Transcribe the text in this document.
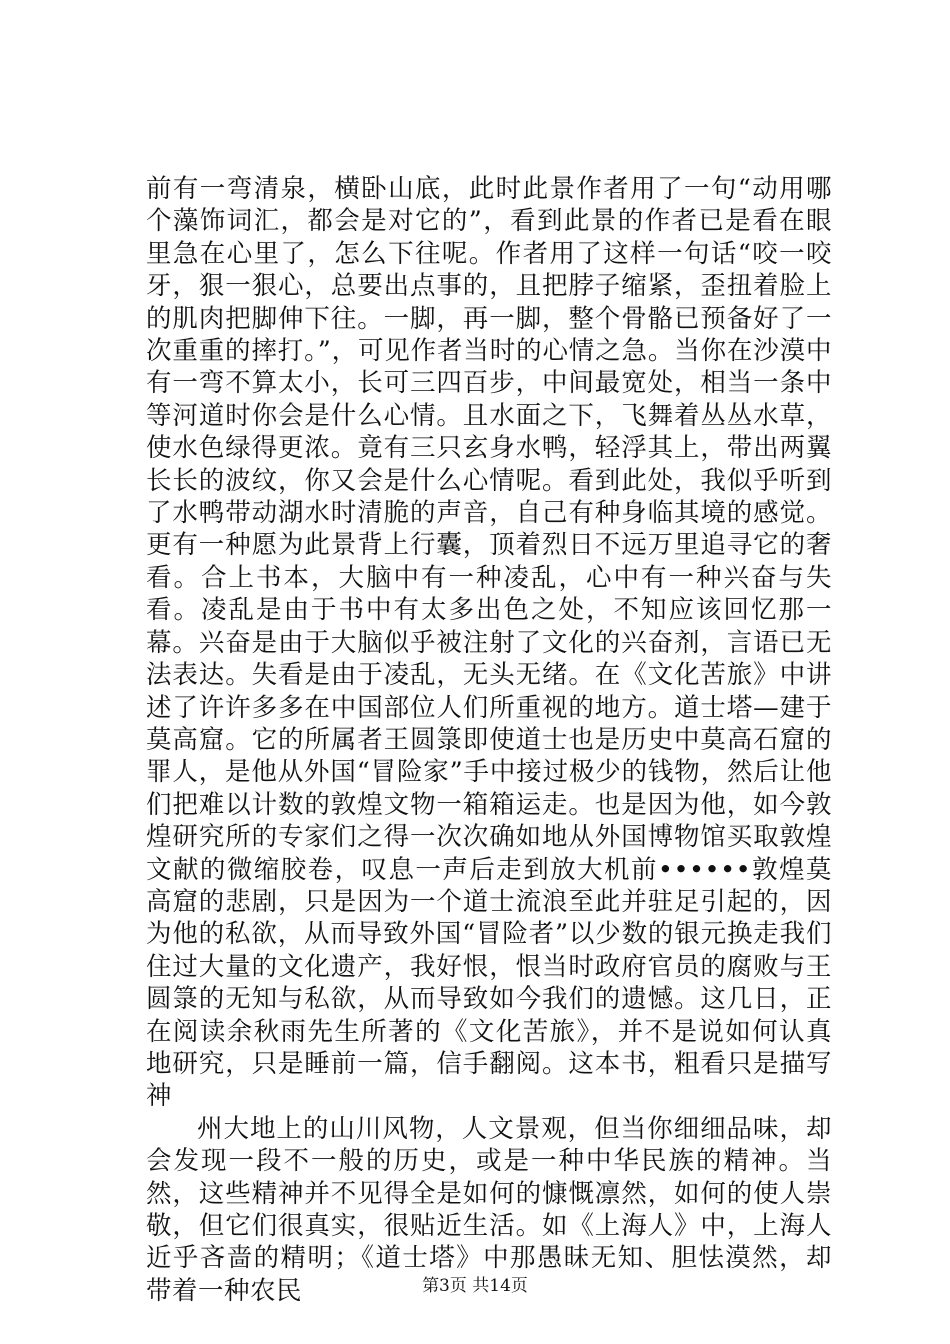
前有一弯清泉，横卧山底，此时此景作者用了一句“动用哪个藻饰词汇，都会是对它的”，看到此景的作者已是看在眼里急在心里了，怎么下往呢。作者用了这样一句话“咬一咬牙，狠一狠心，总要出点事的，且把脖子缩紧，歪扭着脸上的肌肉把脚伸下往。一脚，再一脚，整个骨骼已预备好了一次重重的摔打。”，可见作者当时的心情之急。当你在沙漠中有一弯不算太小，长可三四百步，中间最宽处，相当一条中等河道时你会是什么心情。且水面之下，飞舞着丛丛水草，使水色绿得更浓。竟有三只玄身水鸭，轻浮其上，带出两翼长长的波纹，你又会是什么心情呢。看到此处，我似乎听到了水鸭带动湖水时清脆的声音，自己有种身临其境的感觉。更有一种愿为此景背上行囊，顶着烈日不远万里追寻它的奢看。合上书本，大脑中有一种凌乱，心中有一种兴奋与失看。凌乱是由于书中有太多出色之处，不知应该回忆那一幕。兴奋是由于大脑似乎被注射了文化的兴奋剂，言语已无法表达。失看是由于凌乱，无头无绪。在《文化苦旅》中讲述了许许多多在中国部位人们所重视的地方。道士塔—建于莫高窟。它的所属者王圆箓即使道士也是历史中莫高石窟的罪人，是他从外国“冒险家”手中接过极少的钱物，然后让他们把难以计数的敦煌文物一箱箱运走。也是因为他，如今敦煌研究所的专家们之得一次次确如地从外国博物馆买取敦煌文献的微缩胶卷，叹息一声后走到放大机前••••••敦煌莫高窟的悲剧，只是因为一个道士流浪至此并驻足引起的，因为他的私欲，从而导致外国“冒险者”以少数的银元换走我们住过大量的文化遗产，我好恨，恨当时政府官员的腐败与王圆箓的无知与私欲，从而导致如今我们的遗憾。这几日，正在阅读余秋雨先生所著的《文化苦旅》，并不是说如何认真地研究，只是睡前一篇，信手翻阅。这本书，粗看只是描写神

州大地上的山川风物，人文景观，但当你细细品味，却会发现一段不一般的历史，或是一种中华民族的精神。当然，这些精神并不见得全是如何的慷慨凛然，如何的使人崇敬，但它们很真实，很贴近生活。如《上海人》中，上海人近乎吝啬的精明；《道士塔》中那愚昧无知、胆怯漠然，却带着一种农民	第3页 共14页
